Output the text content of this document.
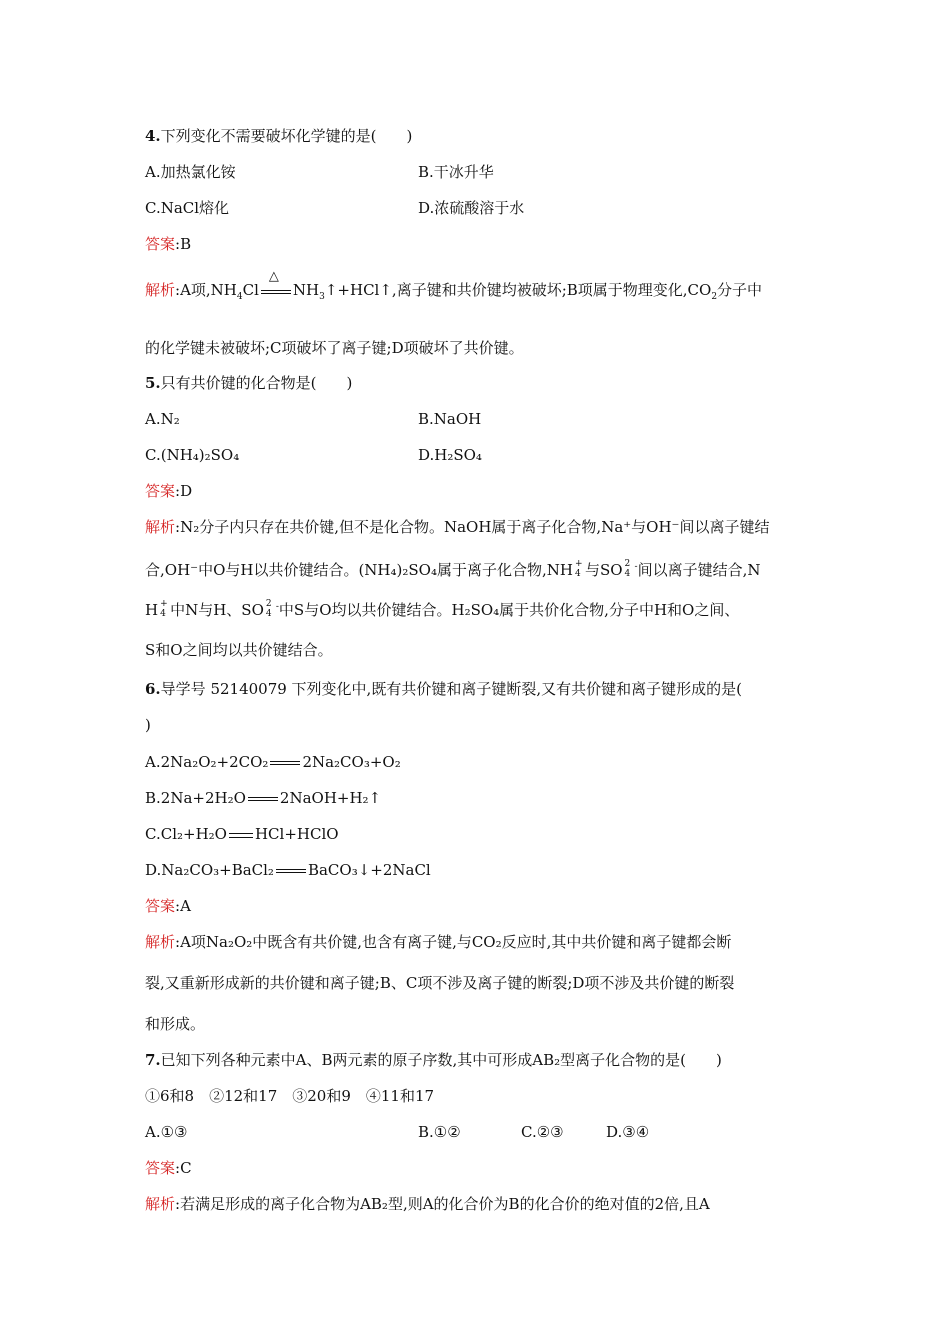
4.下列变化不需要破坏化学键的是(　　)
A.加热氯化铵	B.干冰升华
C.NaCl熔化	D.浓硫酸溶于水
答案:B
解析:A项$,NH_4Cl$
△
$NH_3↑+HCl↑$,离子键和共价键均被破坏;B项属于物理变化$,CO_2$分子中
的化学键未被破坏;C项破坏了离子键;D项破坏了共价键。
5.只有共价键的化合物是(　　)
A.N₂	B.NaOH
C.(NH₄)₂SO₄	D.H₂SO₄
答案:D
解析:N₂分子内只存在共价键,但不是化合物。NaOH属于离子化合物,Na⁺与OH⁻间以离子键结
合,OH⁻中O与H以共价键结合。(NH₄)₂SO₄属于离子化合物,NH +
4 与SO 2
4
-间以离子键结合,N
H +
4 中N与H、SO 2
4
-中S与O均以共价键结合。H₂SO₄属于共价化合物,分子中H和O之间、
S和O之间均以共价键结合。
6.导学号 52140079 下列变化中,既有共价键和离子键断裂,又有共价键和离子键形成的是(
)
A.2Na₂O₂+2CO₂ 2Na₂CO₃+O₂
B.2Na+2H₂O 2NaOH+H₂↑
C.Cl₂+H₂O HCl+HClO
D.Na₂CO₃+BaCl₂ BaCO₃↓+2NaCl
答案:A
解析:A项Na₂O₂中既含有共价键,也含有离子键,与CO₂反应时,其中共价键和离子键都会断
裂,又重新形成新的共价键和离子键;B、C项不涉及离子键的断裂;D项不涉及共价键的断裂
和形成。
7.已知下列各种元素中A、B两元素的原子序数,其中可形成AB₂型离子化合物的是(　　)
①6和8　②12和17　③20和9　④11和17
A.①③	B.①②	C.②③	D.③④
答案:C
解析:若满足形成的离子化合物为AB₂型,则A的化合价为B的化合价的绝对值的2倍,且A
